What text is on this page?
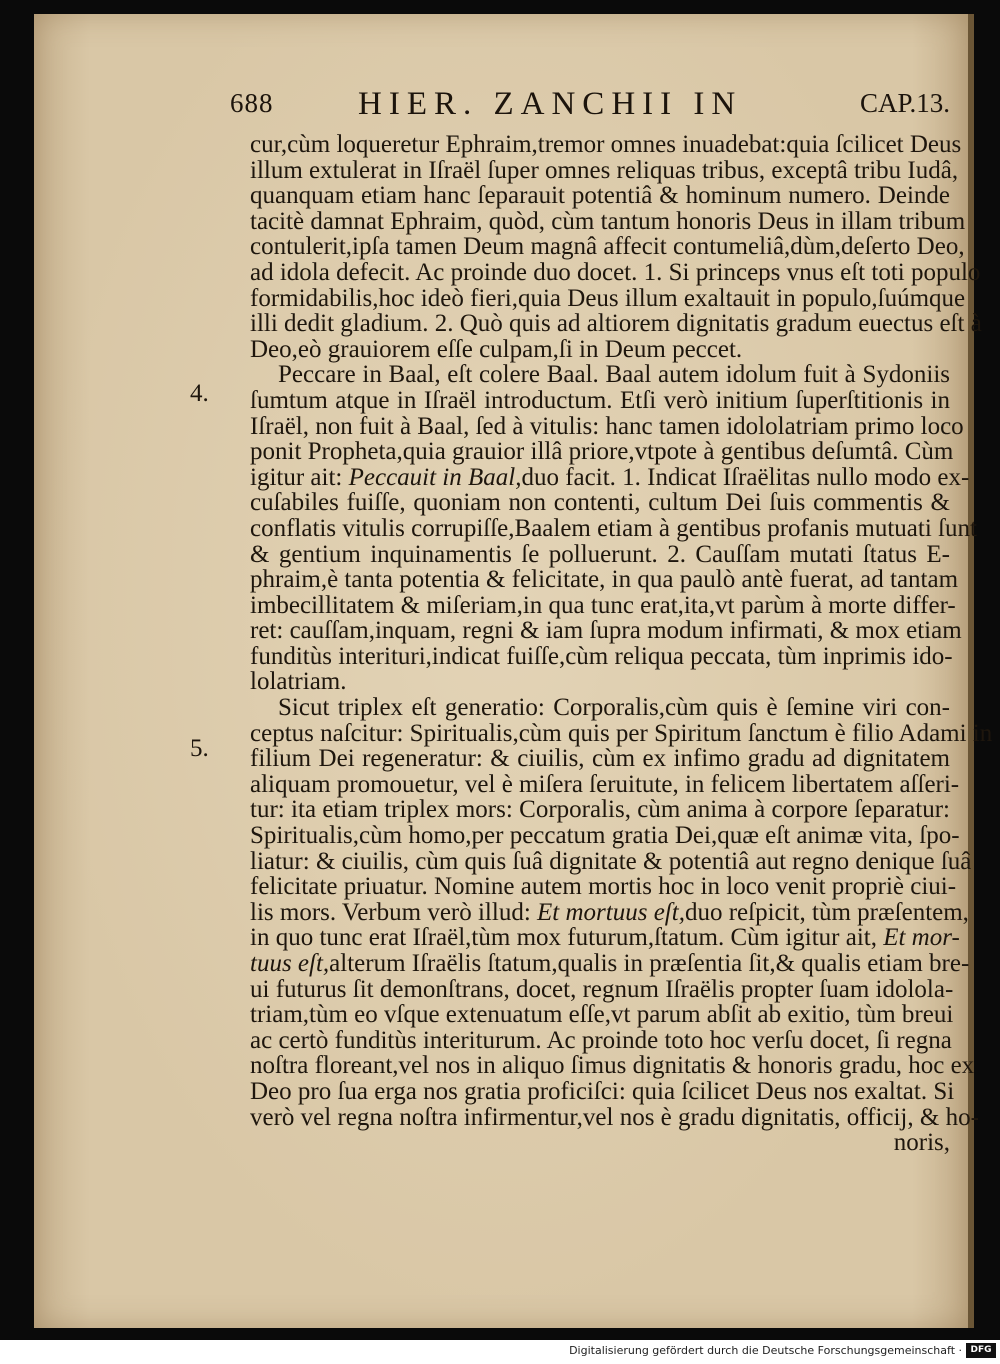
688	HIER. ZANCHII IN	CAP.13.
4.
5.
cur,cùm loqueretur Ephraim,tremor omnes inuadebat:quia ſcilicet Deus
illum extulerat in Iſraël ſuper omnes reliquas tribus, exceptâ tribu Iudâ,
quanquam etiam hanc ſeparauit potentiâ & hominum numero. Deinde
tacitè damnat Ephraim, quòd, cùm tantum honoris Deus in illam tribum
contulerit,ipſa tamen Deum magnâ affecit contumeliâ,dùm,deſerto Deo,
ad idola defecit. Ac proinde duo docet. 1. Si princeps vnus eſt toti populo
formidabilis,hoc ideò fieri,quia Deus illum exaltauit in populo,ſuúmque
illi dedit gladium. 2. Quò quis ad altiorem dignitatis gradum euectus eſt à
Deo,eò grauiorem eſſe culpam,ſi in Deum peccet.
Peccare in Baal, eſt colere Baal. Baal autem idolum fuit à Sydoniis
ſumtum atque in Iſraël introductum. Etſi verò initium ſuperſtitionis in
Iſraël, non fuit à Baal, ſed à vitulis: hanc tamen idololatriam primo loco
ponit Propheta,quia grauior illâ priore,vtpote à gentibus deſumtâ. Cùm
igitur ait: Peccauit in Baal,duo facit. 1. Indicat Iſraëlitas nullo modo ex-
cuſabiles fuiſſe, quoniam non contenti, cultum Dei ſuis commentis &
conflatis vitulis corrupiſſe,Baalem etiam à gentibus profanis mutuati ſunt
& gentium inquinamentis ſe polluerunt. 2. Cauſſam mutati ſtatus E-
phraim,è tanta potentia & felicitate, in qua paulò antè fuerat, ad tantam
imbecillitatem & miſeriam,in qua tunc erat,ita,vt parùm à morte differ-
ret: cauſſam,inquam, regni & iam ſupra modum infirmati, & mox etiam
funditùs interituri,indicat fuiſſe,cùm reliqua peccata, tùm inprimis ido-
lolatriam.
Sicut triplex eſt generatio: Corporalis,cùm quis è ſemine viri con-
ceptus naſcitur: Spiritualis,cùm quis per Spiritum ſanctum è filio Adami in
filium Dei regeneratur: & ciuilis, cùm ex infimo gradu ad dignitatem
aliquam promouetur, vel è miſera ſeruitute, in felicem libertatem aſſeri-
tur: ita etiam triplex mors: Corporalis, cùm anima à corpore ſeparatur:
Spiritualis,cùm homo,per peccatum gratia Dei,quæ eſt animæ vita, ſpo-
liatur: & ciuilis, cùm quis ſuâ dignitate & potentiâ aut regno denique ſuâ
felicitate priuatur. Nomine autem mortis hoc in loco venit propriè ciui-
lis mors. Verbum verò illud: Et mortuus eſt,duo reſpicit, tùm præſentem,
in quo tunc erat Iſraël,tùm mox futurum,ſtatum. Cùm igitur ait, Et mor-
tuus eſt,alterum Iſraëlis ſtatum,qualis in præſentia ſit,& qualis etiam bre-
ui futurus ſit demonſtrans, docet, regnum Iſraëlis propter ſuam idolola-
triam,tùm eo vſque extenuatum eſſe,vt parum abſit ab exitio, tùm breui
ac certò funditùs interiturum. Ac proinde toto hoc verſu docet, ſi regna
noſtra floreant,vel nos in aliquo ſimus dignitatis & honoris gradu, hoc ex
Deo pro ſua erga nos gratia proficiſci: quia ſcilicet Deus nos exaltat. Si
verò vel regna noſtra infirmentur,vel nos è gradu dignitatis, officij, & ho-
noris,
Digitalisierung gefördert durch die Deutsche Forschungsgemeinschaft · DFG
